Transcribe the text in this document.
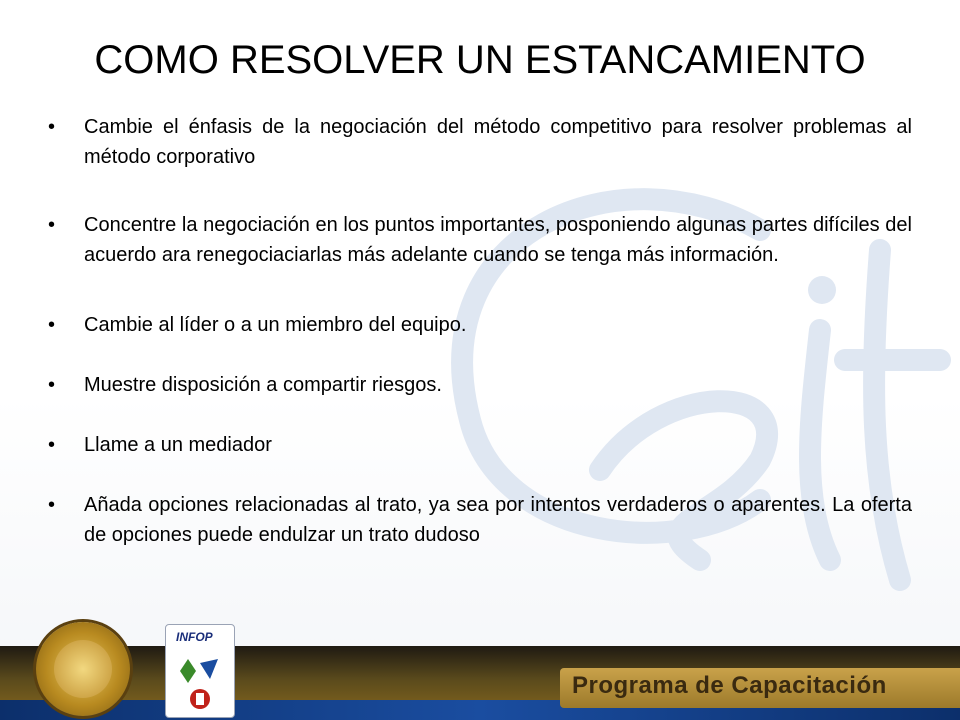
COMO RESOLVER UN ESTANCAMIENTO
• Cambie el énfasis de la negociación del método competitivo para resolver problemas al método corporativo
• Concentre la negociación en los puntos importantes, posponiendo algunas partes difíciles del acuerdo ara renegociaciarlas más adelante cuando se tenga más información.
• Cambie al líder o a un miembro del equipo.
• Muestre disposición a compartir riesgos.
• Llame a un mediador
• Añada opciones relacionadas al trato, ya sea por intentos verdaderos o aparentes. La oferta de opciones puede endulzar un trato dudoso
Programa de Capacitación
INFOP
